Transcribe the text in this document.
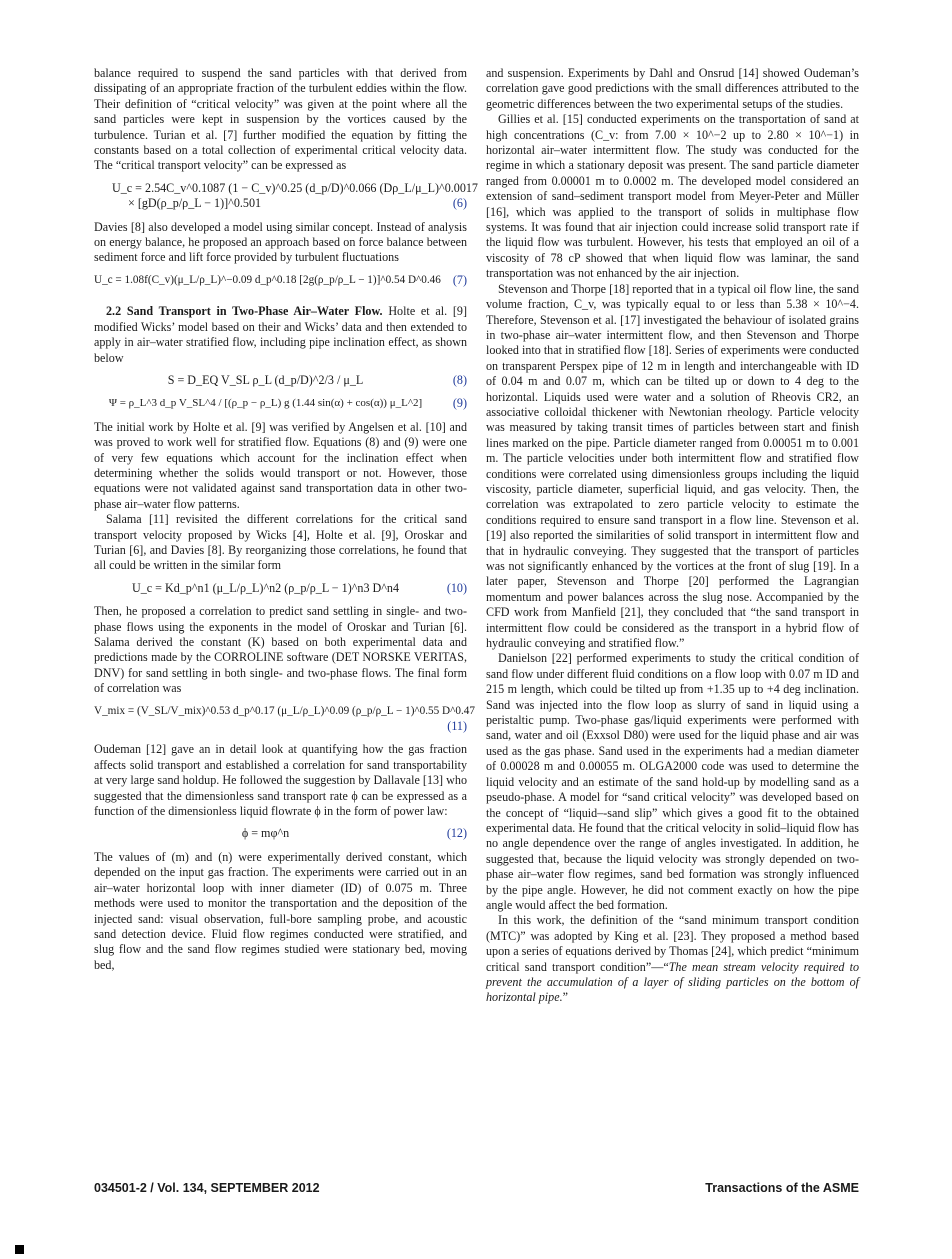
balance required to suspend the sand particles with that derived from dissipating of an appropriate fraction of the turbulent eddies within the flow. Their definition of “critical velocity” was given at the point where all the sand particles were kept in suspension by the vortices caused by the turbulence. Turian et al. [7] further modified the equation by fitting the constants based on a total collection of experimental critical velocity data. The “critical transport velocity” can be expressed as

U_c = 2.54C_v^0.1087 (1 − C_v)^0.25 (d_p/D)^0.066 (Dρ_L/μ_L)^0.0017
× [gD(ρ_p/ρ_L − 1)]^0.501	(6)

Davies [8] also developed a model using similar concept. Instead of analysis on energy balance, he proposed an approach based on force balance between sediment force and lift force provided by turbulent fluctuations

U_c = 1.08f(C_v)(μ_L/ρ_L)^−0.09 d_p^0.18 [2g(ρ_p/ρ_L − 1)]^0.54 D^0.46 (7)

2.2 Sand Transport in Two-Phase Air–Water Flow. Holte et al. [9] modified Wicks’ model based on their and Wicks’ data and then extended to apply in air–water stratified flow, including pipe inclination effect, as shown below

S = D_EQ V_SL ρ_L (d_p/D)^2/3 / μ_L	(8)
Ψ = ρ_L^3 d_p V_SL^4 / [(ρ_p − ρ_L) g (1.44 sin(α) + cos(α)) μ_L^2]	(9)

The initial work by Holte et al. [9] was verified by Angelsen et al. [10] and was proved to work well for stratified flow. Equations (8) and (9) were one of very few equations which account for the inclination effect when determining whether the solids would transport or not. However, those equations were not validated against sand transportation data in other two-phase air–water flow patterns.

Salama [11] revisited the different correlations for the critical sand transport velocity proposed by Wicks [4], Holte et al. [9], Oroskar and Turian [6], and Davies [8]. By reorganizing those correlations, he found that all could be written in the similar form

U_c = Kd_p^n1 (μ_L/ρ_L)^n2 (ρ_p/ρ_L − 1)^n3 D^n4	(10)

Then, he proposed a correlation to predict sand settling in single- and two-phase flows using the exponents in the model of Oroskar and Turian [6]. Salama derived the constant (K) based on both experimental data and predictions made by the CORROLINE software (DET NORSKE VERITAS, DNV) for sand settling in both single- and two-phase flows. The final form of correlation was

V_mix = (V_SL/V_mix)^0.53 d_p^0.17 (μ_L/ρ_L)^0.09 (ρ_p/ρ_L − 1)^0.55 D^0.47
(11)

Oudeman [12] gave an in detail look at quantifying how the gas fraction affects solid transport and established a correlation for sand transportability at very large sand holdup. He followed the suggestion by Dallavale [13] who suggested that the dimensionless sand transport rate ϕ can be expressed as a function of the dimensionless liquid flowrate ϕ in the form of power law:

ϕ = mφ^n	(12)

The values of (m) and (n) were experimentally derived constant, which depended on the input gas fraction. The experiments were carried out in an air–water horizontal loop with inner diameter (ID) of 0.075 m. Three methods were used to monitor the transportation and the deposition of the injected sand: visual observation, full-bore sampling probe, and acoustic sand detection device. Fluid flow regimes conducted were stratified, and slug flow and the sand flow regimes studied were stationary bed, moving bed,

and suspension. Experiments by Dahl and Onsrud [14] showed Oudeman’s correlation gave good predictions with the small differences attributed to the geometric differences between the two experimental setups of the studies.

Gillies et al. [15] conducted experiments on the transportation of sand at high concentrations (C_v: from 7.00 × 10^−2 up to 2.80 × 10^−1) in horizontal air–water intermittent flow. The study was conducted for the regime in which a stationary deposit was present. The sand particle diameter ranged from 0.00001 m to 0.0002 m. The developed model considered an extension of sand–sediment transport model from Meyer-Peter and Müller [16], which was applied to the transport of solids in multiphase flow systems. It was found that air injection could increase solid transport rate if the liquid flow was turbulent. However, his tests that employed an oil of a viscosity of 78 cP showed that when liquid flow was laminar, the sand transportation was not enhanced by the air injection.

Stevenson and Thorpe [18] reported that in a typical oil flow line, the sand volume fraction, C_v, was typically equal to or less than 5.38 × 10^−4. Therefore, Stevenson et al. [17] investigated the behaviour of isolated grains in two-phase air–water intermittent flow, and then Stevenson and Thorpe looked into that in stratified flow [18]. Series of experiments were conducted on transparent Perspex pipe of 12 m in length and interchangeable with ID of 0.04 m and 0.07 m, which can be tilted up or down to 4 deg to the horizontal. Liquids used were water and a solution of Rheovis CR2, an associative colloidal thickener with Newtonian rheology. Particle velocity was measured by taking transit times of particles between start and finish lines marked on the pipe. Particle diameter ranged from 0.00051 m to 0.001 m. The particle velocities under both intermittent flow and stratified flow conditions were correlated using dimensionless groups including the liquid viscosity, particle diameter, superficial liquid, and gas velocity. Then, the correlation was extrapolated to zero particle velocity to estimate the conditions required to ensure sand transport in a flow line. Stevenson et al. [19] also reported the similarities of solid transport in intermittent flow and that in hydraulic conveying. They suggested that the transport of particles was not significantly enhanced by the vortices at the front of slug [19]. In a later paper, Stevenson and Thorpe [20] performed the Lagrangian momentum and power balances across the slug nose. Accompanied by the CFD work from Manfield [21], they concluded that “the sand transport in intermittent flow could be considered as the transport in a hybrid flow of hydraulic conveying and stratified flow.”

Danielson [22] performed experiments to study the critical condition of sand flow under different fluid conditions on a flow loop with 0.07 m ID and 215 m length, which could be tilted up from +1.35 up to +4 deg inclination. Sand was injected into the flow loop as slurry of sand in liquid using a peristaltic pump. Two-phase gas/liquid experiments were performed with sand, water and oil (Exxsol D80) were used for the liquid phase and air was used as the gas phase. Sand used in the experiments had a median diameter of 0.00028 m and 0.00055 m. OLGA2000 code was used to determine the liquid velocity and an estimate of the sand hold-up by modelling sand as a pseudo-phase. A model for “sand critical velocity” was developed based on the concept of “liquid–-sand slip” which gives a good fit to the obtained experimental data. He found that the critical velocity in solid–liquid flow has no angle dependence over the range of angles investigated. In addition, he suggested that, because the liquid velocity was strongly depended on two-phase air–water flow regimes, sand bed formation was strongly influenced by the pipe angle. However, he did not comment exactly on how the pipe angle would affect the bed formation.

In this work, the definition of the “sand minimum transport condition (MTC)” was adopted by King et al. [23]. They proposed a method based upon a series of equations derived by Thomas [24], which predict “minimum critical sand transport condition”—“The mean stream velocity required to prevent the accumulation of a layer of sliding particles on the bottom of horizontal pipe.”

034501-2 / Vol. 134, SEPTEMBER 2012	Transactions of the ASME
